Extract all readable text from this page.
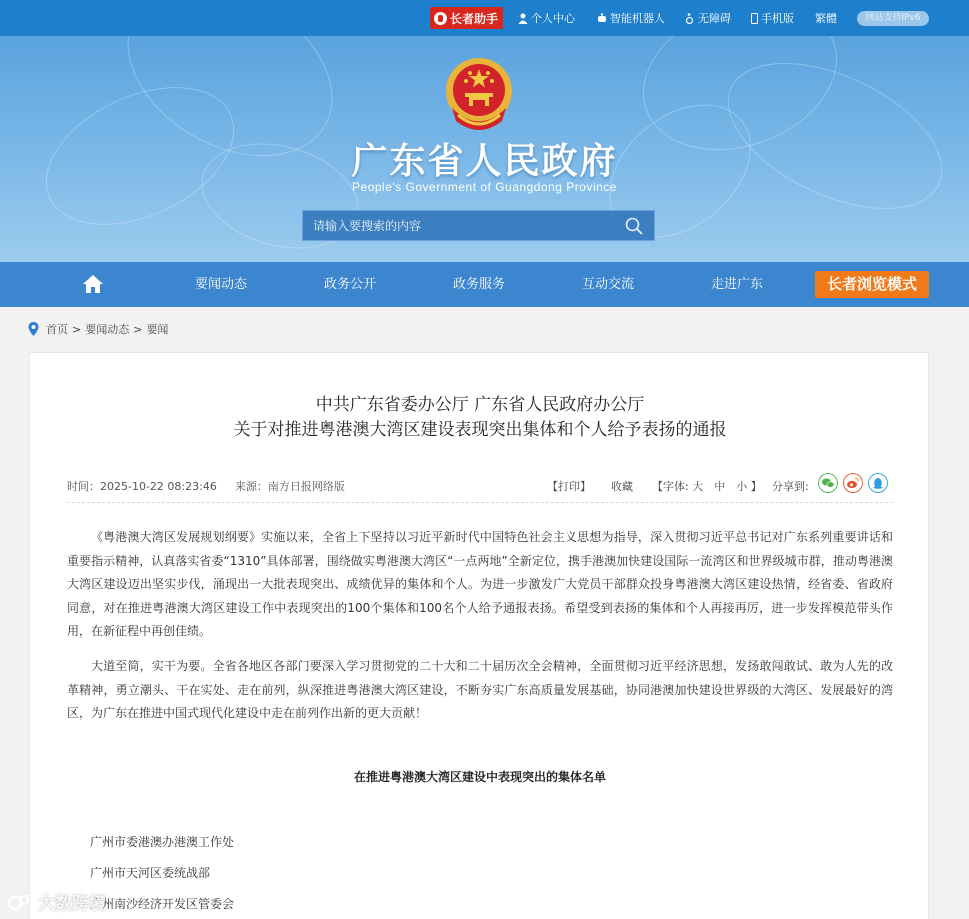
长者助手	个人中心	智能机器人	无障碍	手机版 繁體	网站支持IPv6
广东省人民政府
People's Government of Guangdong Province
请输入要搜索的内容
要闻动态	政务公开	政务服务	互动交流	走进广东	长者浏览模式
首页 > 要闻动态 > 要闻
中共广东省委办公厅 广东省人民政府办公厅
关于对推进粤港澳大湾区建设表现突出集体和个人给予表扬的通报
时间：2025-10-22 08:23:46 来源：南方日报网络版	【打印】 收藏 【字体: 大　中　小 】 分享到:

《粤港澳大湾区发展规划纲要》实施以来，全省上下坚持以习近平新时代中国特色社会主义思想为指导，深入贯彻习近平总书记对广东系列重要讲话和重要指示精神，认真落实省委“1310”具体部署，围绕做实粤港澳大湾区“一点两地”全新定位，携手港澳加快建设国际一流湾区和世界级城市群，推动粤港澳大湾区建设迈出坚实步伐，涌现出一大批表现突出、成绩优异的集体和个人。为进一步激发广大党员干部群众投身粤港澳大湾区建设热情，经省委、省政府同意，对在推进粤港澳大湾区建设工作中表现突出的100个集体和100名个人给予通报表扬。希望受到表扬的集体和个人再接再厉，进一步发挥模范带头作用，在新征程中再创佳绩。

大道至简，实干为要。全省各地区各部门要深入学习贯彻党的二十大和二十届历次全会精神，全面贯彻习近平经济思想，发扬敢闯敢试、敢为人先的改革精神，勇立潮头、干在实处、走在前列，纵深推进粤港澳大湾区建设，不断夯实广东高质量发展基础，协同港澳加快建设世界级的大湾区、发展最好的湾区，为广东在推进中国式现代化建设中走在前列作出新的更大贡献！

在推进粤港澳大湾区建设中表现突出的集体名单
广州市委港澳办港澳工作处
广州市天河区委统战部
广州南沙经济开发区管委会
大数跨境
